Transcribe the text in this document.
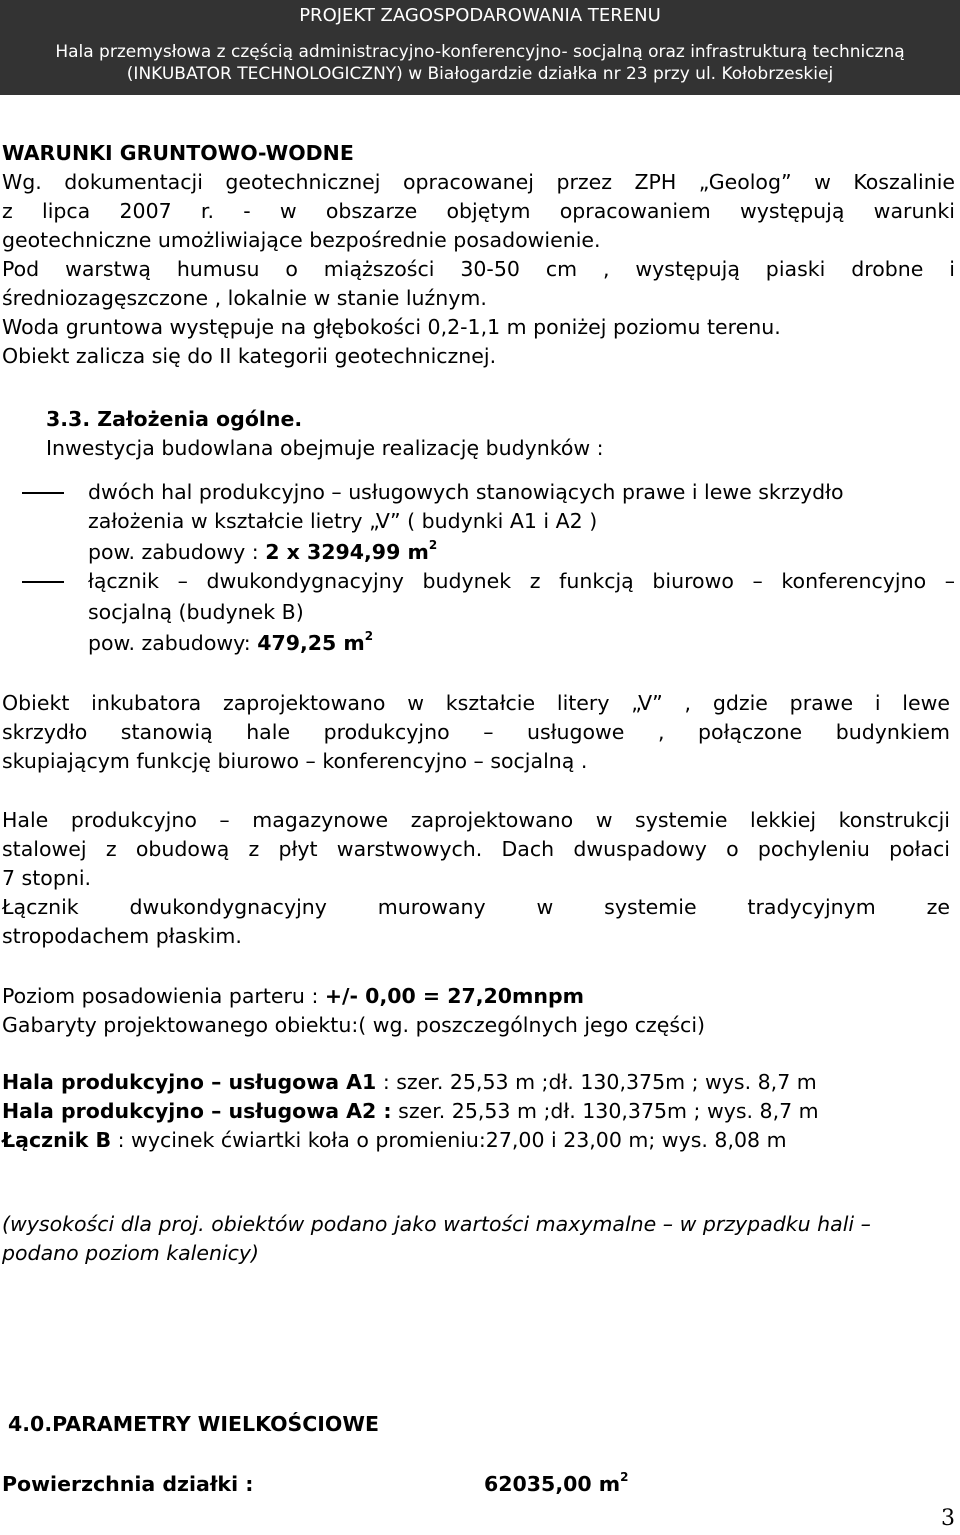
PROJEKT ZAGOSPODAROWANIA TERENU
Hala przemysłowa z częścią administracyjno-konferencyjno- socjalną oraz infrastrukturą techniczną
(INKUBATOR TECHNOLOGICZNY) w Białogardzie działka nr 23 przy ul. Kołobrzeskiej
WARUNKI GRUNTOWO-WODNE
Wg. dokumentacji geotechnicznej opracowanej przez ZPH „Geolog” w Koszalinie
z lipca 2007 r. - w obszarze objętym opracowaniem występują warunki
geotechniczne umożliwiające bezpośrednie posadowienie.
Pod warstwą humusu o miąższości 30-50 cm , występują piaski drobne i
średniozagęszczone , lokalnie w stanie luźnym.
Woda gruntowa występuje na głębokości 0,2-1,1 m poniżej poziomu terenu.
Obiekt zalicza się do II kategorii geotechnicznej.
3.3. Założenia ogólne.
Inwestycja budowlana obejmuje realizację budynków :
dwóch hal produkcyjno – usługowych stanowiących prawe i lewe skrzydło
założenia w kształcie lietry „V” ( budynki A1 i A2 )
pow. zabudowy : 2 x 3294,99 $m^2$
łącznik – dwukondygnacyjny budynek z funkcją biurowo – konferencyjno –
socjalną (budynek B)
pow. zabudowy: 479,25 $m^2$
Obiekt inkubatora zaprojektowano w kształcie litery „V” , gdzie prawe i lewe
skrzydło stanowią hale produkcyjno – usługowe , połączone budynkiem
skupiającym funkcję biurowo – konferencyjno – socjalną .
Hale produkcyjno – magazynowe zaprojektowano w systemie lekkiej konstrukcji
stalowej z obudową z płyt warstwowych. Dach dwuspadowy o pochyleniu połaci
7 stopni.
Łącznik dwukondygnacyjny murowany w systemie tradycyjnym ze
stropodachem płaskim.
Poziom posadowienia parteru : +/- 0,00 = 27,20mnpm
Gabaryty projektowanego obiektu:( wg. poszczególnych jego części)
Hala produkcyjno – usługowa A1 : szer. 25,53 m ;dł. 130,375m ; wys. 8,7 m
Hala produkcyjno – usługowa A2 : szer. 25,53 m ;dł. 130,375m ; wys. 8,7 m
Łącznik B : wycinek ćwiartki koła o promieniu:27,00 i 23,00 m; wys. 8,08 m
(wysokości dla proj. obiektów podano jako wartości maxymalne – w przypadku hali –
podano poziom kalenicy)
4.0.PARAMETRY WIELKOŚCIOWE
Powierzchnia działki :	62035,00 $m^2$
3
